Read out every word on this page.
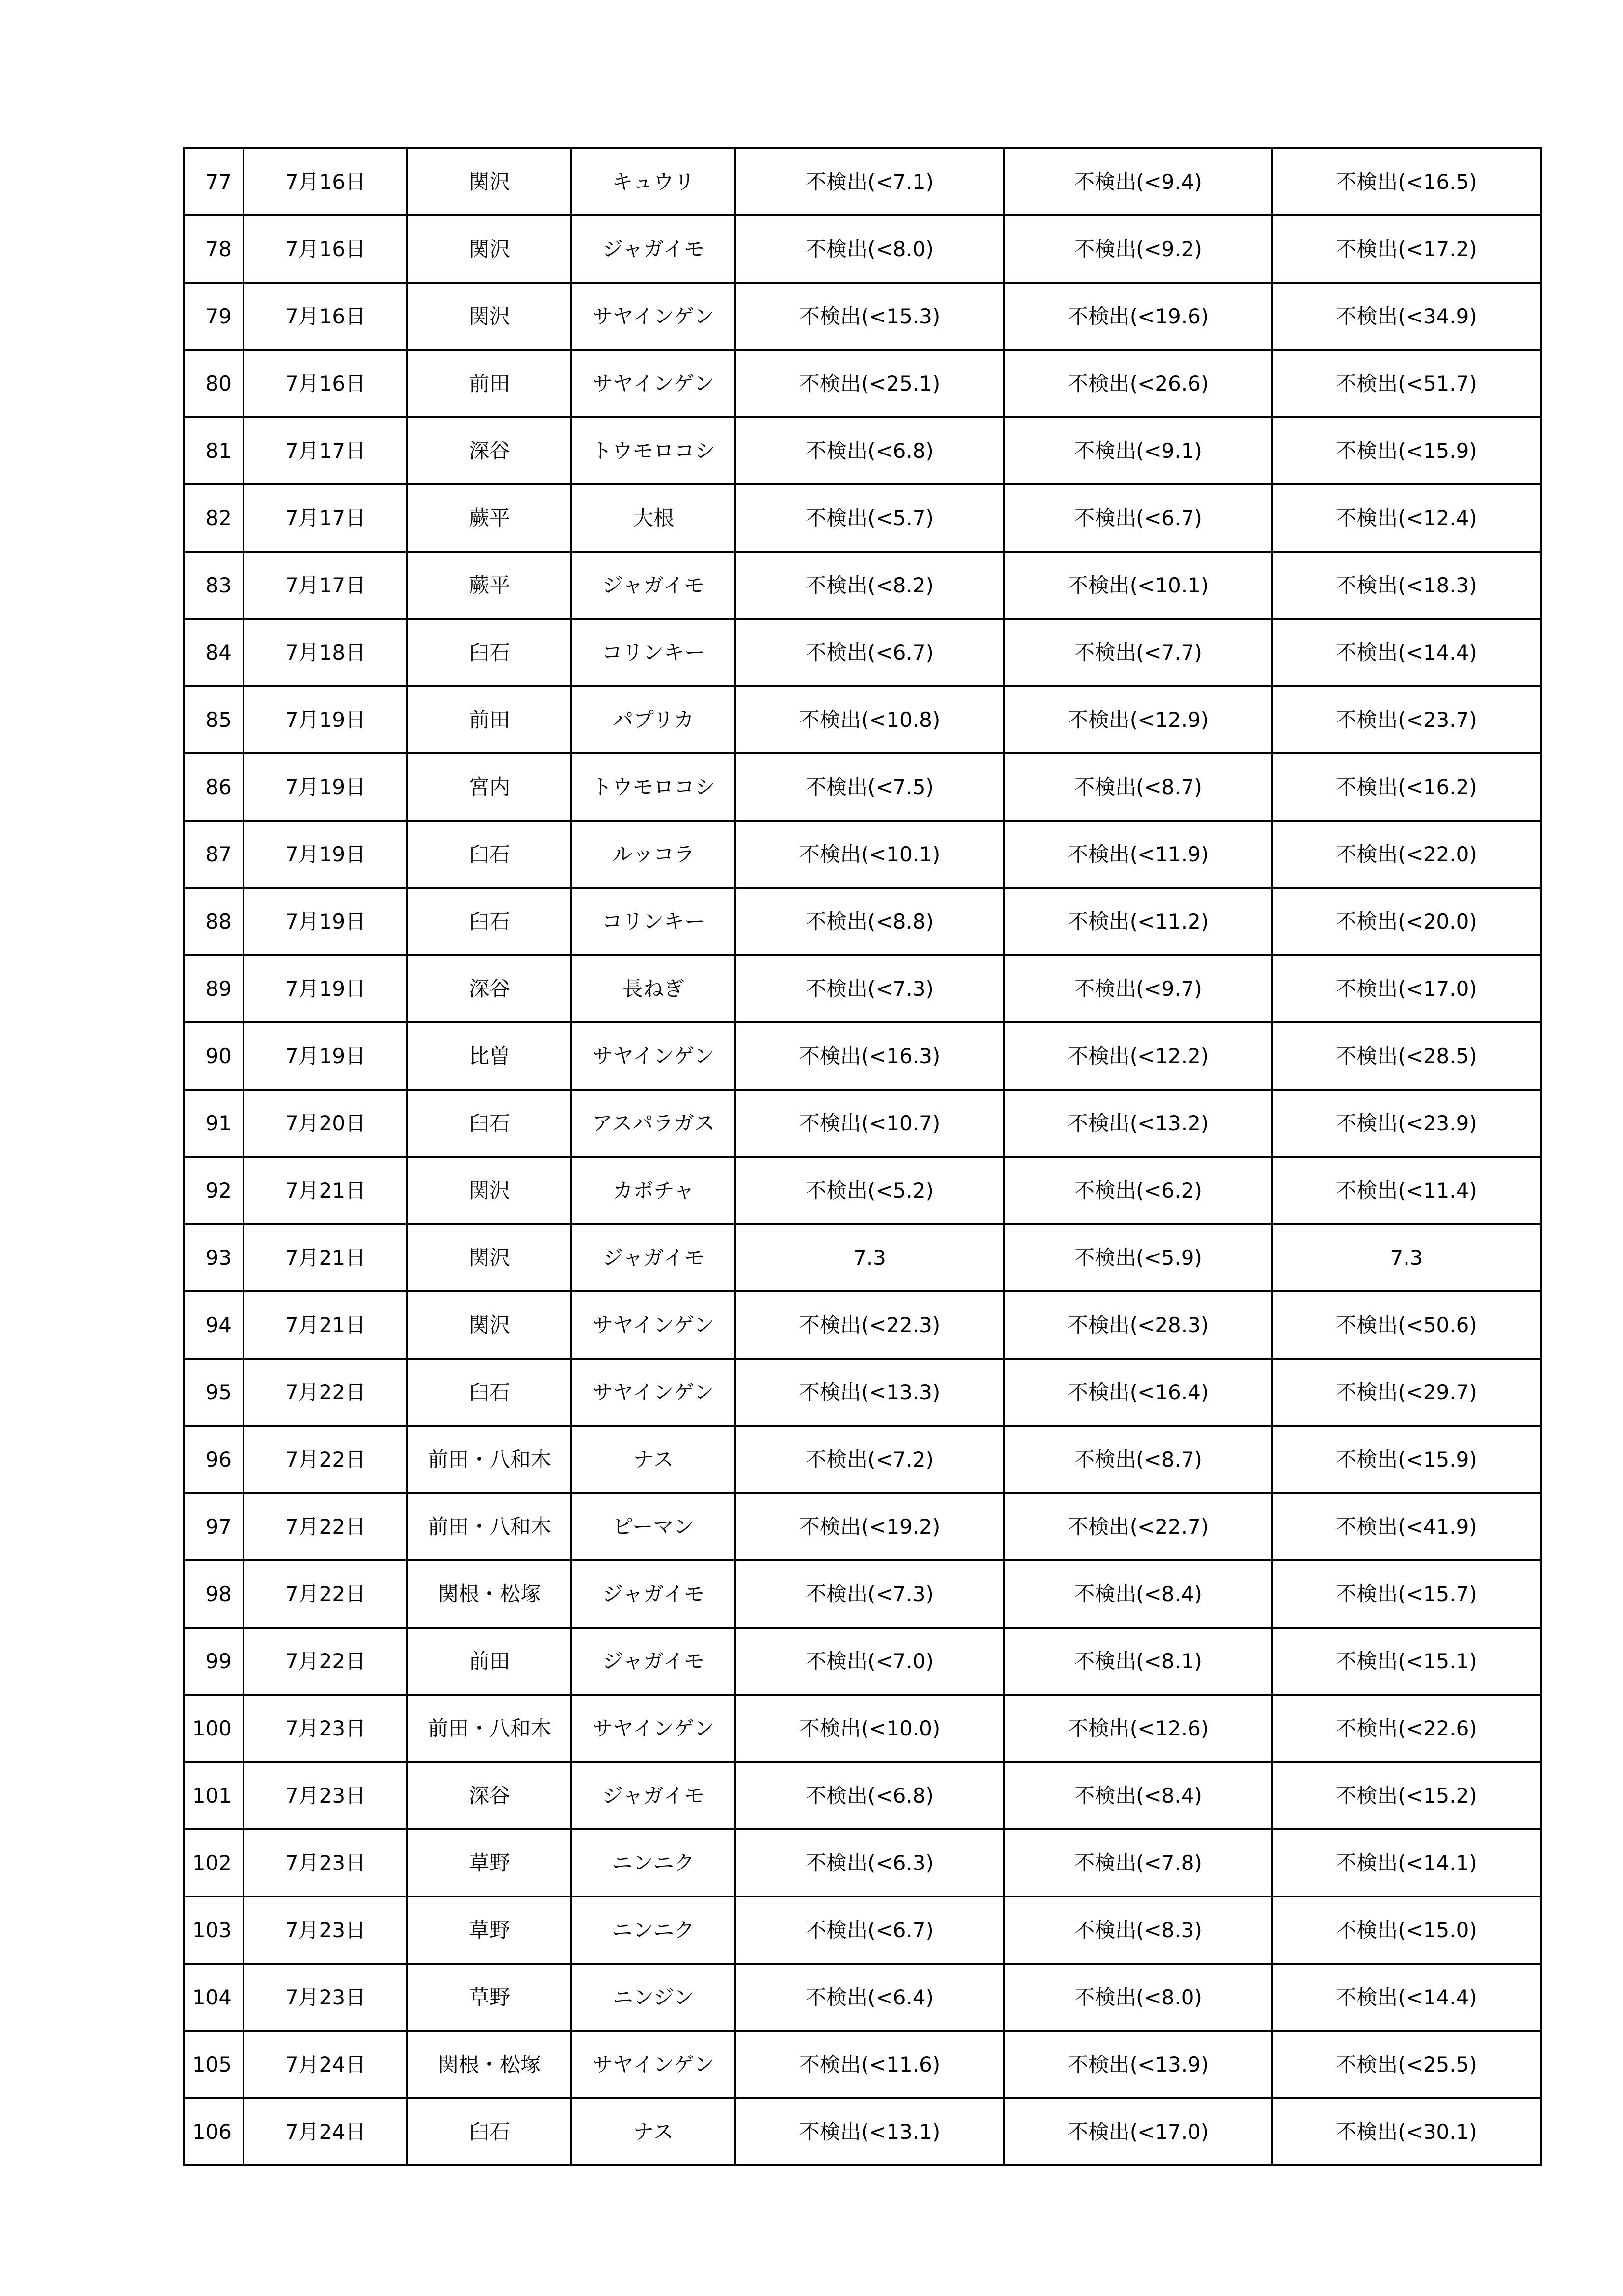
77	7月16日	関沢	キュウリ	不検出(<7.1)	不検出(<9.4)	不検出(<16.5)
78	7月16日	関沢	ジャガイモ	不検出(<8.0)	不検出(<9.2)	不検出(<17.2)
79	7月16日	関沢	サヤインゲン	不検出(<15.3)	不検出(<19.6)	不検出(<34.9)
80	7月16日	前田	サヤインゲン	不検出(<25.1)	不検出(<26.6)	不検出(<51.7)
81	7月17日	深谷	トウモロコシ	不検出(<6.8)	不検出(<9.1)	不検出(<15.9)
82	7月17日	蕨平	大根	不検出(<5.7)	不検出(<6.7)	不検出(<12.4)
83	7月17日	蕨平	ジャガイモ	不検出(<8.2)	不検出(<10.1)	不検出(<18.3)
84	7月18日	臼石	コリンキー	不検出(<6.7)	不検出(<7.7)	不検出(<14.4)
85	7月19日	前田	パプリカ	不検出(<10.8)	不検出(<12.9)	不検出(<23.7)
86	7月19日	宮内	トウモロコシ	不検出(<7.5)	不検出(<8.7)	不検出(<16.2)
87	7月19日	臼石	ルッコラ	不検出(<10.1)	不検出(<11.9)	不検出(<22.0)
88	7月19日	臼石	コリンキー	不検出(<8.8)	不検出(<11.2)	不検出(<20.0)
89	7月19日	深谷	長ねぎ	不検出(<7.3)	不検出(<9.7)	不検出(<17.0)
90	7月19日	比曽	サヤインゲン	不検出(<16.3)	不検出(<12.2)	不検出(<28.5)
91	7月20日	臼石	アスパラガス	不検出(<10.7)	不検出(<13.2)	不検出(<23.9)
92	7月21日	関沢	カボチャ	不検出(<5.2)	不検出(<6.2)	不検出(<11.4)
93	7月21日	関沢	ジャガイモ	7.3	不検出(<5.9)	7.3
94	7月21日	関沢	サヤインゲン	不検出(<22.3)	不検出(<28.3)	不検出(<50.6)
95	7月22日	臼石	サヤインゲン	不検出(<13.3)	不検出(<16.4)	不検出(<29.7)
96	7月22日	前田・八和木	ナス	不検出(<7.2)	不検出(<8.7)	不検出(<15.9)
97	7月22日	前田・八和木	ピーマン	不検出(<19.2)	不検出(<22.7)	不検出(<41.9)
98	7月22日	関根・松塚	ジャガイモ	不検出(<7.3)	不検出(<8.4)	不検出(<15.7)
99	7月22日	前田	ジャガイモ	不検出(<7.0)	不検出(<8.1)	不検出(<15.1)
100	7月23日	前田・八和木	サヤインゲン	不検出(<10.0)	不検出(<12.6)	不検出(<22.6)
101	7月23日	深谷	ジャガイモ	不検出(<6.8)	不検出(<8.4)	不検出(<15.2)
102	7月23日	草野	ニンニク	不検出(<6.3)	不検出(<7.8)	不検出(<14.1)
103	7月23日	草野	ニンニク	不検出(<6.7)	不検出(<8.3)	不検出(<15.0)
104	7月23日	草野	ニンジン	不検出(<6.4)	不検出(<8.0)	不検出(<14.4)
105	7月24日	関根・松塚	サヤインゲン	不検出(<11.6)	不検出(<13.9)	不検出(<25.5)
106	7月24日	臼石	ナス	不検出(<13.1)	不検出(<17.0)	不検出(<30.1)
